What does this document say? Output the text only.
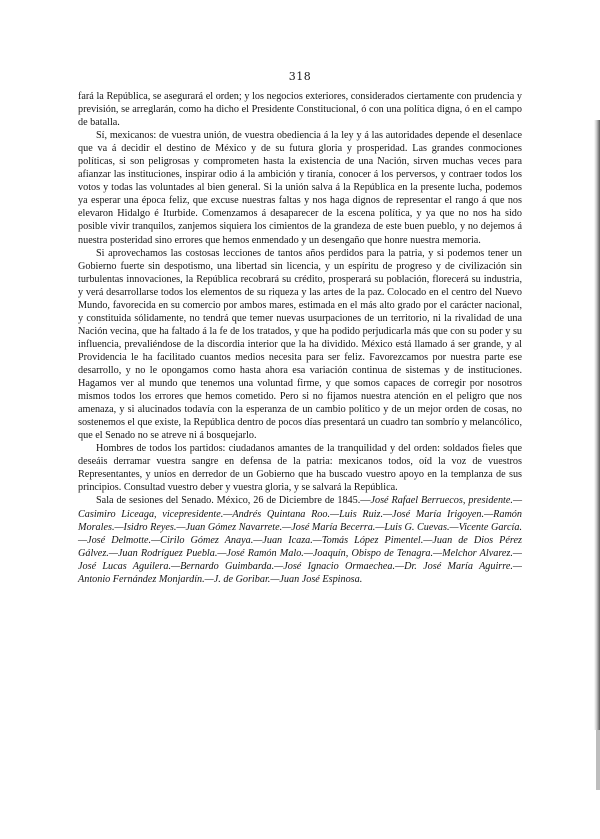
318

fará la República, se asegurará el orden; y los negocios exteriores, considerados ciertamente con prudencia y previsión, se arreglarán, como ha dicho el Presidente Constitucional, ó con una política digna, ó en el campo de batalla.

Sí, mexicanos: de vuestra unión, de vuestra obediencia á la ley y á las autoridades depende el desenlace que va á decidir el destino de México y de su futura gloria y prosperidad. Las grandes conmociones políticas, si son peligrosas y comprometen hasta la existencia de una Nación, sirven muchas veces para afianzar las instituciones, inspirar odio á la ambición y tiranía, conocer á los perversos, y contraer todos los votos y todas las voluntades al bien general. Si la unión salva á la República en la presente lucha, podemos ya esperar una época feliz, que excuse nuestras faltas y nos haga dignos de representar el rango á que nos elevaron Hidalgo é Iturbide. Comenzamos á desaparecer de la escena política, y ya que no nos ha sido posible vivir tranquilos, zanjemos siquiera los cimientos de la grandeza de este buen pueblo, y no dejemos á nuestra posteridad sino errores que hemos enmendado y un desengaño que honre nuestra memoria.

Si aprovechamos las costosas lecciones de tantos años perdidos para la patria, y si podemos tener un Gobierno fuerte sin despotismo, una libertad sin licencia, y un espíritu de progreso y de civilización sin turbulentas innovaciones, la República recobrará su crédito, prosperará su población, florecerá su industria, y verá desarrollarse todos los elementos de su riqueza y las artes de la paz. Colocado en el centro del Nuevo Mundo, favorecida en su comercio por ambos mares, estimada en el más alto grado por el carácter nacional, y constituida sólidamente, no tendrá que temer nuevas usurpaciones de un territorio, ni la rivalidad de una Nación vecina, que ha faltado á la fe de los tratados, y que ha podido perjudicarla más que con su poder y su influencia, prevaliéndose de la discordia interior que la ha dividido. México está llamado á ser grande, y al Providencia le ha facilitado cuantos medios necesita para ser feliz. Favorezcamos por nuestra parte ese desarrollo, y no le opongamos como hasta ahora esa variación continua de sistemas y de instituciones. Hagamos ver al mundo que tenemos una voluntad firme, y que somos capaces de corregir por nosotros mismos todos los errores que hemos cometido. Pero si no fijamos nuestra atención en el peligro que nos amenaza, y si alucinados todavía con la esperanza de un cambio político y de un mejor orden de cosas, no sostenemos el que existe, la República dentro de pocos días presentará un cuadro tan sombrío y melancólico, que el Senado no se atreve ni á bosquejarlo.

Hombres de todos los partidos: ciudadanos amantes de la tranquilidad y del orden: soldados fieles que deseáis derramar vuestra sangre en defensa de la patria: mexicanos todos, oíd la voz de vuestros Representantes, y uníos en derredor de un Gobierno que ha buscado vuestro apoyo en la templanza de sus principios. Consultad vuestro deber y vuestra gloria, y se salvará la República.

Sala de sesiones del Senado. México, 26 de Diciembre de 1845.—José Rafael Berruecos, presidente.—Casimiro Liceaga, vicepresidente.—Andrés Quintana Roo.—Luis Ruiz.—José María Irigoyen.—Ramón Morales.—Isidro Reyes.—Juan Gómez Navarrete.—José María Becerra.—Luis G. Cuevas.—Vicente García.—José Delmotte.—Cirilo Gómez Anaya.—Juan Icaza.—Tomás López Pimentel.—Juan de Dios Pérez Gálvez.—Juan Rodríguez Puebla.—José Ramón Malo.—Joaquín, Obispo de Tenagra.—Melchor Alvarez.—José Lucas Aguilera.—Bernardo Guimbarda.—José Ignacio Ormaechea.—Dr. José María Aguirre.—Antonio Fernández Monjardín.—J. de Goribar.—Juan José Espinosa.
